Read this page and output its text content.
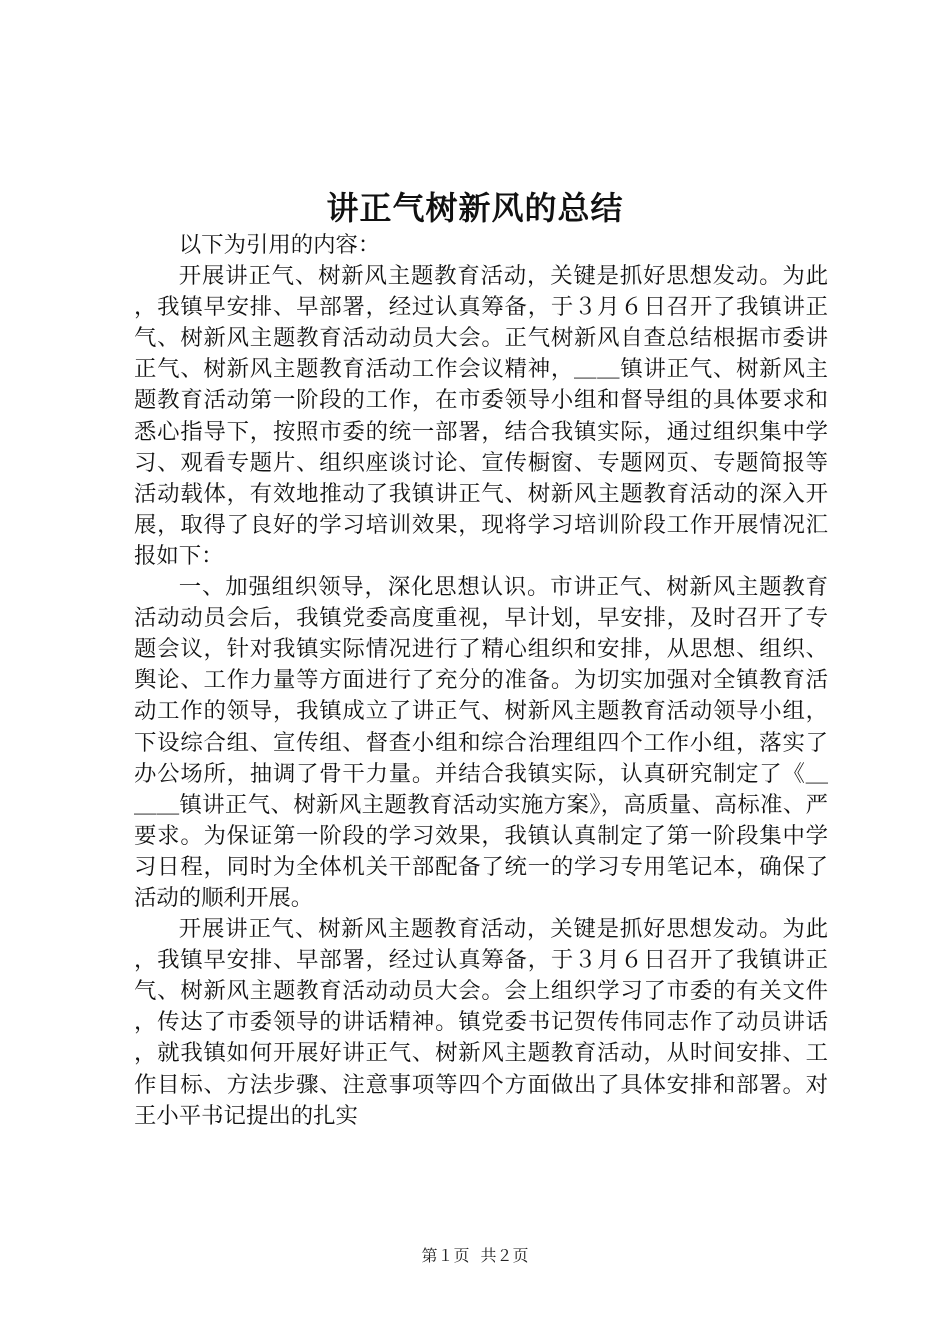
讲正气树新风的总结

以下为引用的内容：

开展讲正气、树新风主题教育活动，关键是抓好思想发动。为此，我镇早安排、早部署，经过认真筹备，于３月６日召开了我镇讲正气、树新风主题教育活动动员大会。正气树新风自查总结根据市委讲正气、树新风主题教育活动工作会议精神，＿＿镇讲正气、树新风主题教育活动第一阶段的工作，在市委领导小组和督导组的具体要求和悉心指导下，按照市委的统一部署，结合我镇实际，通过组织集中学习、观看专题片、组织座谈讨论、宣传橱窗、专题网页、专题简报等活动载体，有效地推动了我镇讲正气、树新风主题教育活动的深入开展，取得了良好的学习培训效果，现将学习培训阶段工作开展情况汇报如下：

一、加强组织领导，深化思想认识。市讲正气、树新风主题教育活动动员会后，我镇党委高度重视，早计划，早安排，及时召开了专题会议，针对我镇实际情况进行了精心组织和安排，从思想、组织、舆论、工作力量等方面进行了充分的准备。为切实加强对全镇教育活动工作的领导，我镇成立了讲正气、树新风主题教育活动领导小组，下设综合组、宣传组、督查小组和综合治理组四个工作小组，落实了办公场所，抽调了骨干力量。并结合我镇实际，认真研究制定了《＿＿＿镇讲正气、树新风主题教育活动实施方案》，高质量、高标准、严要求。为保证第一阶段的学习效果，我镇认真制定了第一阶段集中学习日程，同时为全体机关干部配备了统一的学习专用笔记本，确保了活动的顺利开展。

开展讲正气、树新风主题教育活动，关键是抓好思想发动。为此，我镇早安排、早部署，经过认真筹备，于３月６日召开了我镇讲正气、树新风主题教育活动动员大会。会上组织学习了市委的有关文件，传达了市委领导的讲话精神。镇党委书记贺传伟同志作了动员讲话，就我镇如何开展好讲正气、树新风主题教育活动，从时间安排、工作目标、方法步骤、注意事项等四个方面做出了具体安排和部署。对王小平书记提出的扎实

第１页 共２页
